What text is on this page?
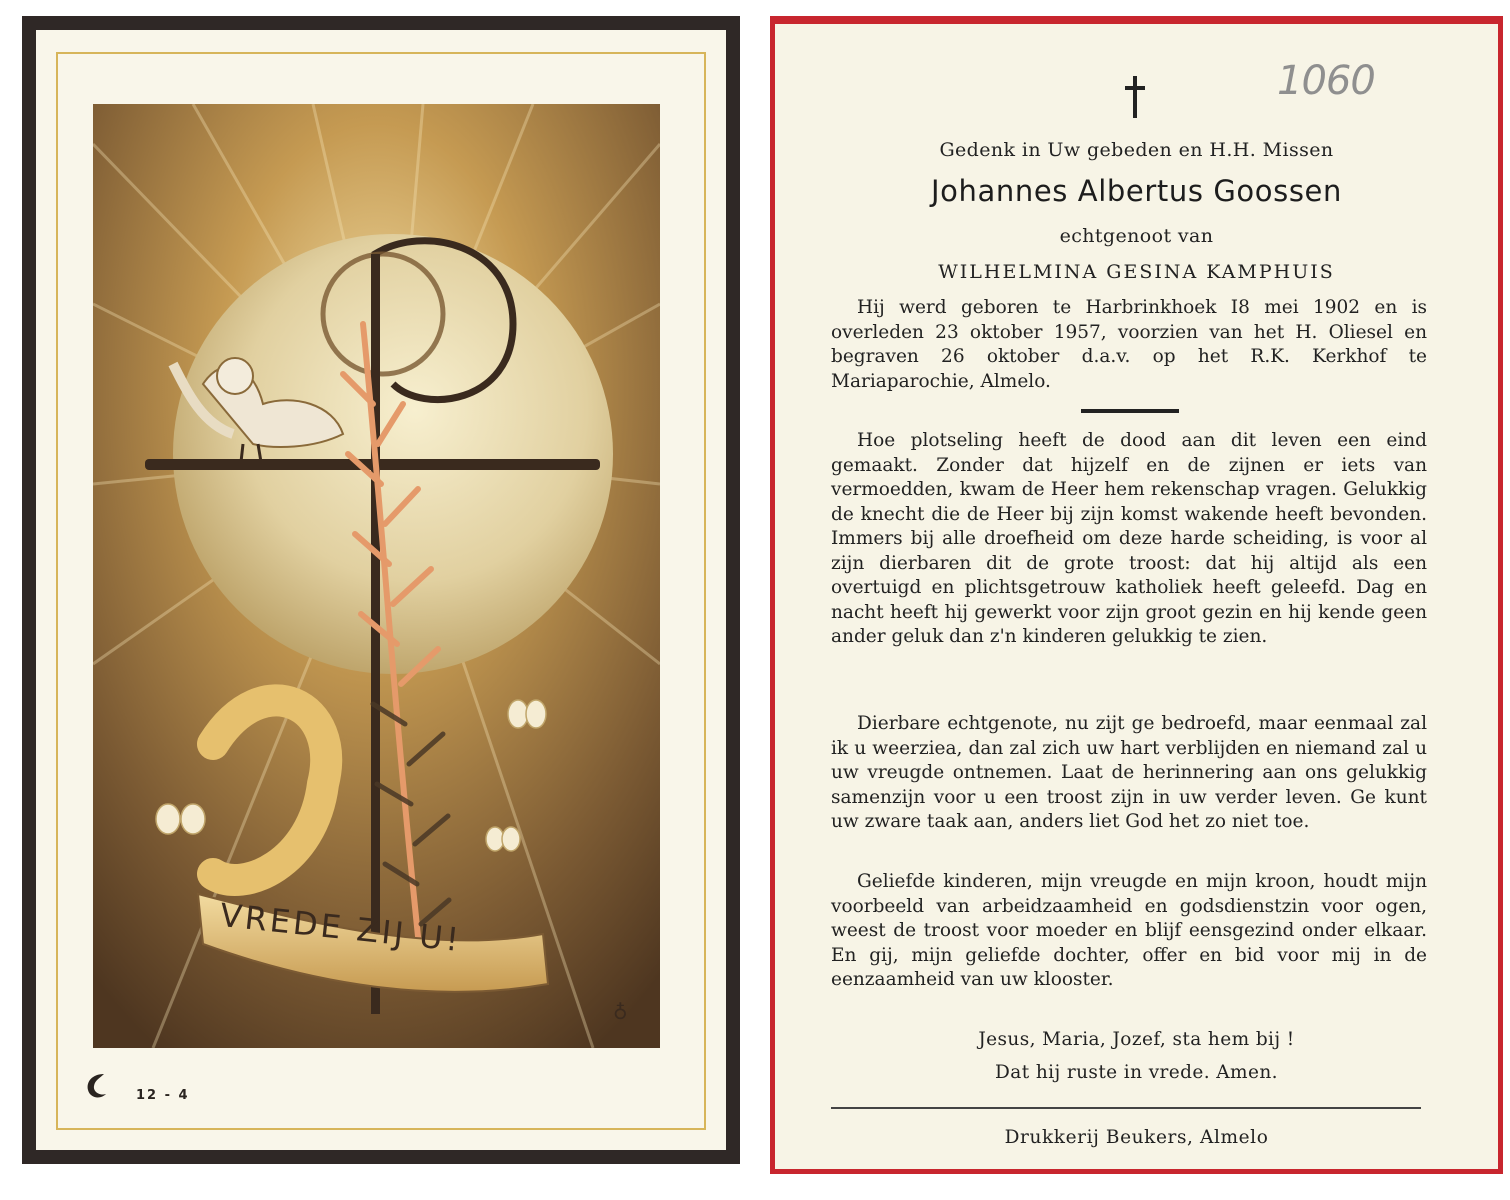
VREDE ZIJ U!
♁
12 - 4
1060
Gedenk in Uw gebeden en H.H. Missen
Johannes Albertus Goossen
echtgenoot van
WILHELMINA GESINA KAMPHUIS

Hij werd geboren te Harbrinkhoek I8 mei 1902 en is overleden 23 oktober 1957, voorzien van het H. Oliesel en begraven 26 oktober d.a.v. op het R.K. Kerkhof te Mariaparochie, Almelo.

Hoe plotseling heeft de dood aan dit leven een eind gemaakt. Zonder dat hijzelf en de zijnen er iets van vermoedden, kwam de Heer hem rekenschap vragen. Gelukkig de knecht die de Heer bij zijn komst wakende heeft bevonden. Immers bij alle droefheid om deze harde scheiding, is voor al zijn dierbaren dit de grote troost: dat hij altijd als een overtuigd en plichtsgetrouw katholiek heeft geleefd. Dag en nacht heeft hij gewerkt voor zijn groot gezin en hij kende geen ander geluk dan z'n kinderen gelukkig te zien.

Dierbare echtgenote, nu zijt ge bedroefd, maar eenmaal zal ik u weerziea, dan zal zich uw hart verblijden en niemand zal u uw vreugde ontnemen. Laat de herinnering aan ons gelukkig samenzijn voor u een troost zijn in uw verder leven. Ge kunt uw zware taak aan, anders liet God het zo niet toe.

Geliefde kinderen, mijn vreugde en mijn kroon, houdt mijn voorbeeld van arbeidzaamheid en godsdienstzin voor ogen, weest de troost voor moeder en blijf eensgezind onder elkaar. En gij, mijn geliefde dochter, offer en bid voor mij in de eenzaamheid van uw klooster.

Jesus, Maria, Jozef, sta hem bij !
Dat hij ruste in vrede. Amen.
Drukkerij Beukers, Almelo
